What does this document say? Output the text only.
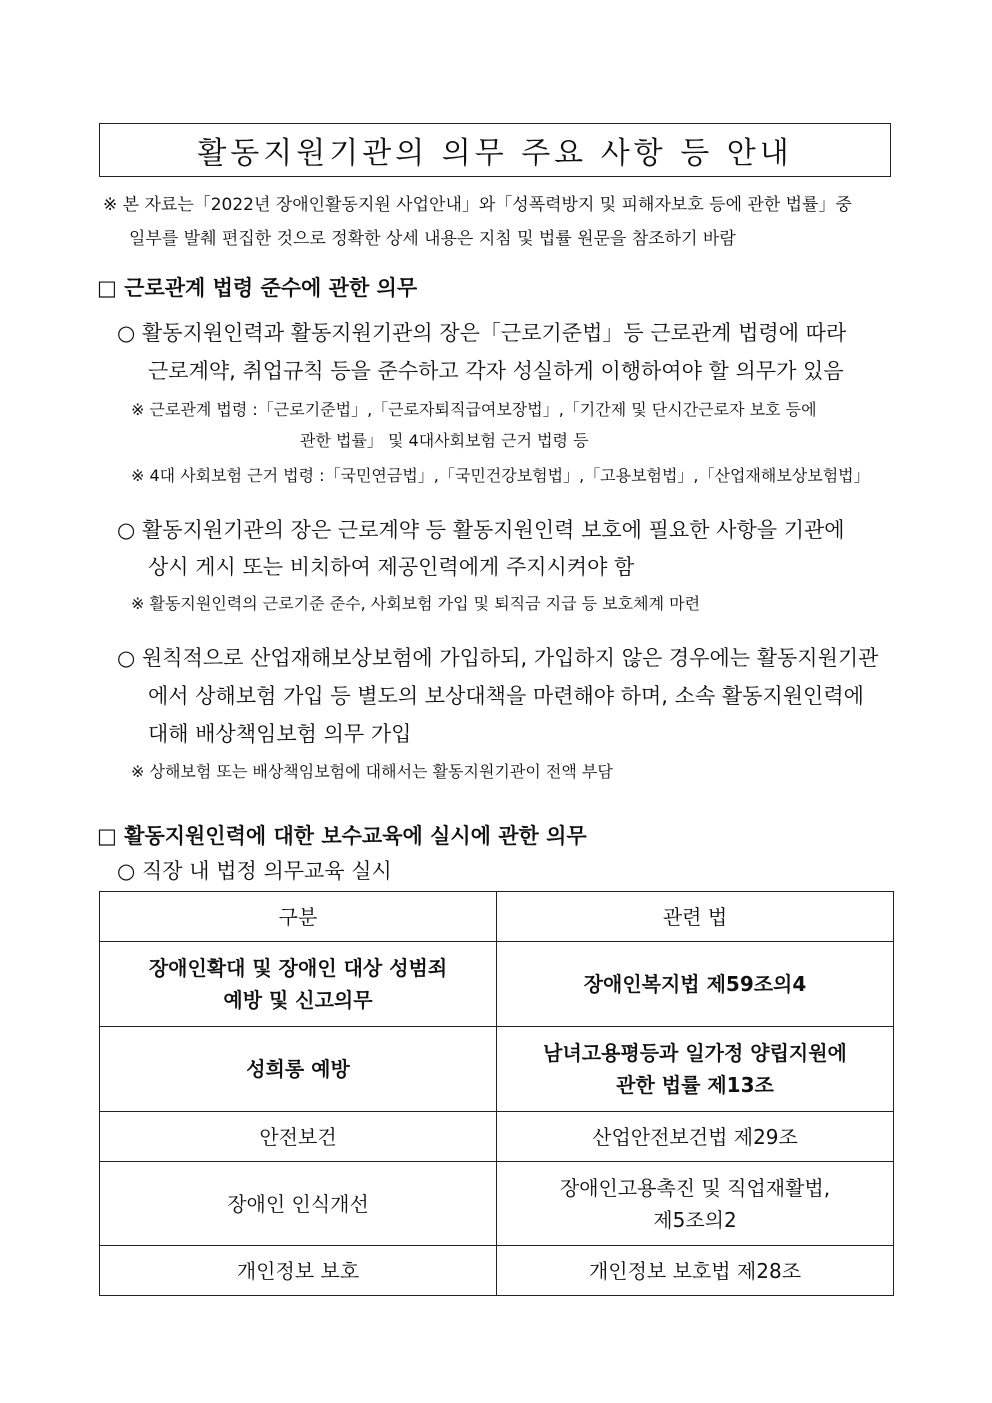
활동지원기관의 의무 주요 사항 등 안내
※ 본 자료는「2022년 장애인활동지원 사업안내」와「성폭력방지 및 피해자보호 등에 관한 법률」중
일부를 발췌 편집한 것으로 정확한 상세 내용은 지침 및 법률 원문을 참조하기 바람
□ 근로관계 법령 준수에 관한 의무
○ 활동지원인력과 활동지원기관의 장은「근로기준법」등 근로관계 법령에 따라
근로계약, 취업규칙 등을 준수하고 각자 성실하게 이행하여야 할 의무가 있음
※ 근로관계 법령 :「근로기준법」,「근로자퇴직급여보장법」,「기간제 및 단시간근로자 보호 등에
관한 법률」 및 4대사회보험 근거 법령 등
※ 4대 사회보험 근거 법령 :「국민연금법」,「국민건강보험법」,「고용보험법」,「산업재해보상보험법」
○ 활동지원기관의 장은 근로계약 등 활동지원인력 보호에 필요한 사항을 기관에
상시 게시 또는 비치하여 제공인력에게 주지시켜야 함
※ 활동지원인력의 근로기준 준수, 사회보험 가입 및 퇴직금 지급 등 보호체계 마련
○ 원칙적으로 산업재해보상보험에 가입하되, 가입하지 않은 경우에는 활동지원기관
에서 상해보험 가입 등 별도의 보상대책을 마련해야 하며, 소속 활동지원인력에
대해 배상책임보험 의무 가입
※ 상해보험 또는 배상책임보험에 대해서는 활동지원기관이 전액 부담
□ 활동지원인력에 대한 보수교육에 실시에 관한 의무
○ 직장 내 법정 의무교육 실시
구분	관련 법

장애인확대 및 장애인 대상 성범죄
예방 및 신고의무	장애인복지법 제59조의4

성희롱 예방	남녀고용평등과 일가정 양립지원에
관한 법률 제13조

안전보건	산업안전보건법 제29조

장애인 인식개선	장애인고용촉진 및 직업재활법,
제5조의2

개인정보 보호	개인정보 보호법 제28조
